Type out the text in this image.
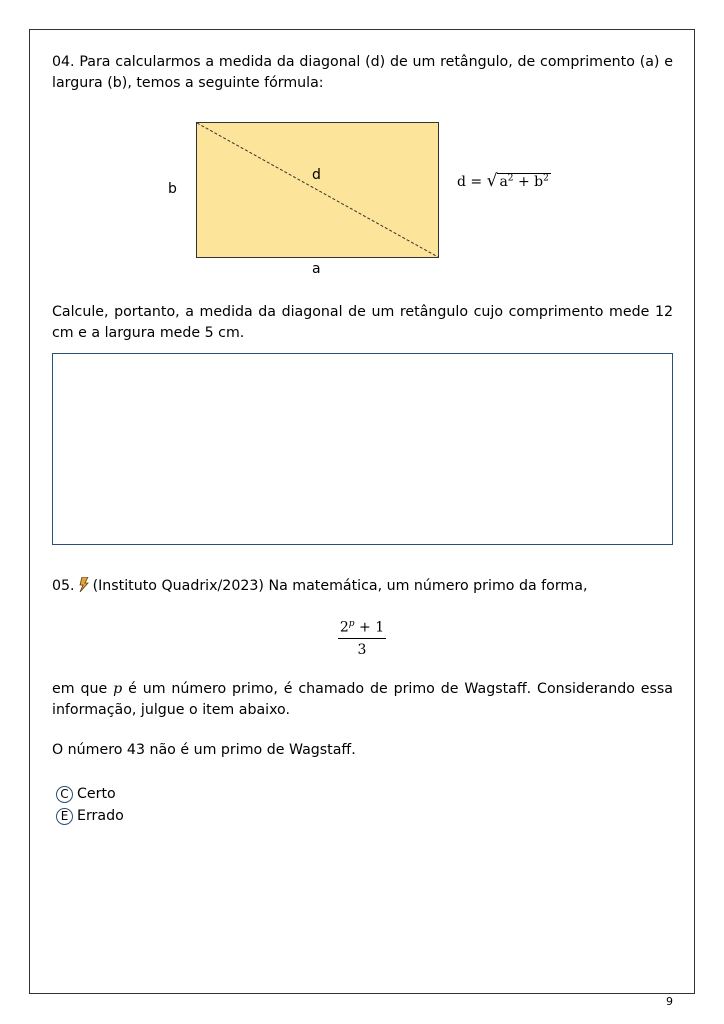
04. Para calcularmos a medida da diagonal (d) de um retângulo, de comprimento (a) e largura (b), temos a seguinte fórmula:
b
d
a
d = √ $a^2 + b^2$
Calcule, portanto, a medida da diagonal de um retângulo cujo comprimento mede 12 cm e a largura mede 5 cm.
05. (Instituto Quadrix/2023) Na matemática, um número primo da forma,
$\frac{2^p + 1}{3}$
em que p é um número primo, é chamado de primo de Wagstaff. Considerando essa informação, julgue o item abaixo.
O número 43 não é um primo de Wagstaff.
C Certo
E Errado
9
